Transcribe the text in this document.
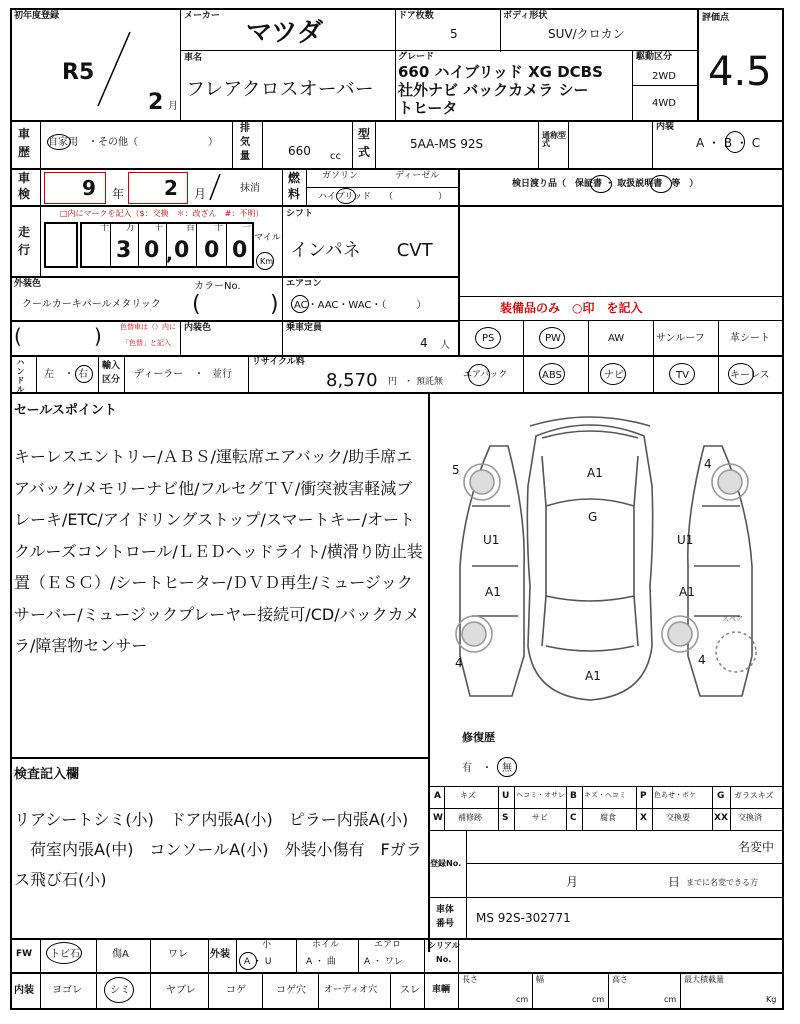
初年度登録
R5
2 月
メーカー
マツダ
ドア枚数
5
ボディ形状
SUV/クロカン
評価点
4.5
車名
フレアクロスオーバー
グレード
660 ハイブリッド XG DCBS
社外ナビ バックカメラ シー
トヒータ
駆動区分
2WD
4WD
車
歴
自家用　・その他（　　　　　　　）
排
気
量	660 cc
型
式
5AA-MS 92S
通称型式
内装
A ・ B ・ C
車
検	9 年 2 月	抹消
燃
料
ガソリン	ディーゼル
ハイブリッド （　　　　　）
検日渡り品（　保証書 ・ 取扱説明書　等　）
走
行
□内にマークを記入（$：交換　＊：改ざん　#：不明）
十 万 千	百 十 一
3 0 , 0 0 0 マイル
Km
シフト
インパネ　　CVT
外装色	カラーNo.
クールカーキパールメタリック (	)
エアコン
AC・AAC・WAC・（　　　）	装備品のみ　○印　を記入
(	)	色替車は（）内に
「色替」と記入
内装色	乗車定員
4 人
PS	PW	AW	サンルーフ	革シート
エアバック	ABS	ナビ	TV	キーレス
ハンドル 左 ・ 右
輸入
区分 ディーラー ・ 並行
リサイクル料
8,570 円 ・ 預託無
セールスポイント
キーレスエントリー/ＡＢＳ/運転席エアバック/助手席エアバック/メモリーナビ他/フルセグＴＶ/衝突被害軽減ブレーキ/ETC/アイドリングストップ/スマートキー/オートクルーズコントロール/ＬＥＤヘッドライト/横滑り防止装置（ＥＳＣ）/シートヒーター/ＤＶＤ再生/ミュージックサーバー/ミュージックプレーヤー接続可/CD/バックカメラ/障害物センサー
スペア
5	4
A1
G
U1
A1
U1
A1
4	4
A1
修復歴
有　・　無
検査記入欄
リアシートシミ(小)　ドア内張A(小)　ピラー内張A(小)
　荷室内張A(中)　コンソールA(小)　外装小傷有　Fガラ
ス飛び石(小)
A キズ	U ヘコミ・オサレ B キズ・ヘコミ P 色あせ・ボケ G ガラスキズ
W 補修跡 S	サビ C	腐食	X 交換要	XX 交換済
登録No.
名変中
月	日 までに名変できる方
車体
番号 MS 92S-302771
FW トビ石	傷A	ワレ 外装
小
A ・ U
ホイル
A ・ 曲
エアロ
A ・ ワレ
シリアル
No.
内装 ヨゴレ	シミ	ヤブレ	コゲ	コゲ穴 オーディオ穴 スレ 車輌
長さ
cm
幅
cm
高さ
cm
最大積載量
Kg
